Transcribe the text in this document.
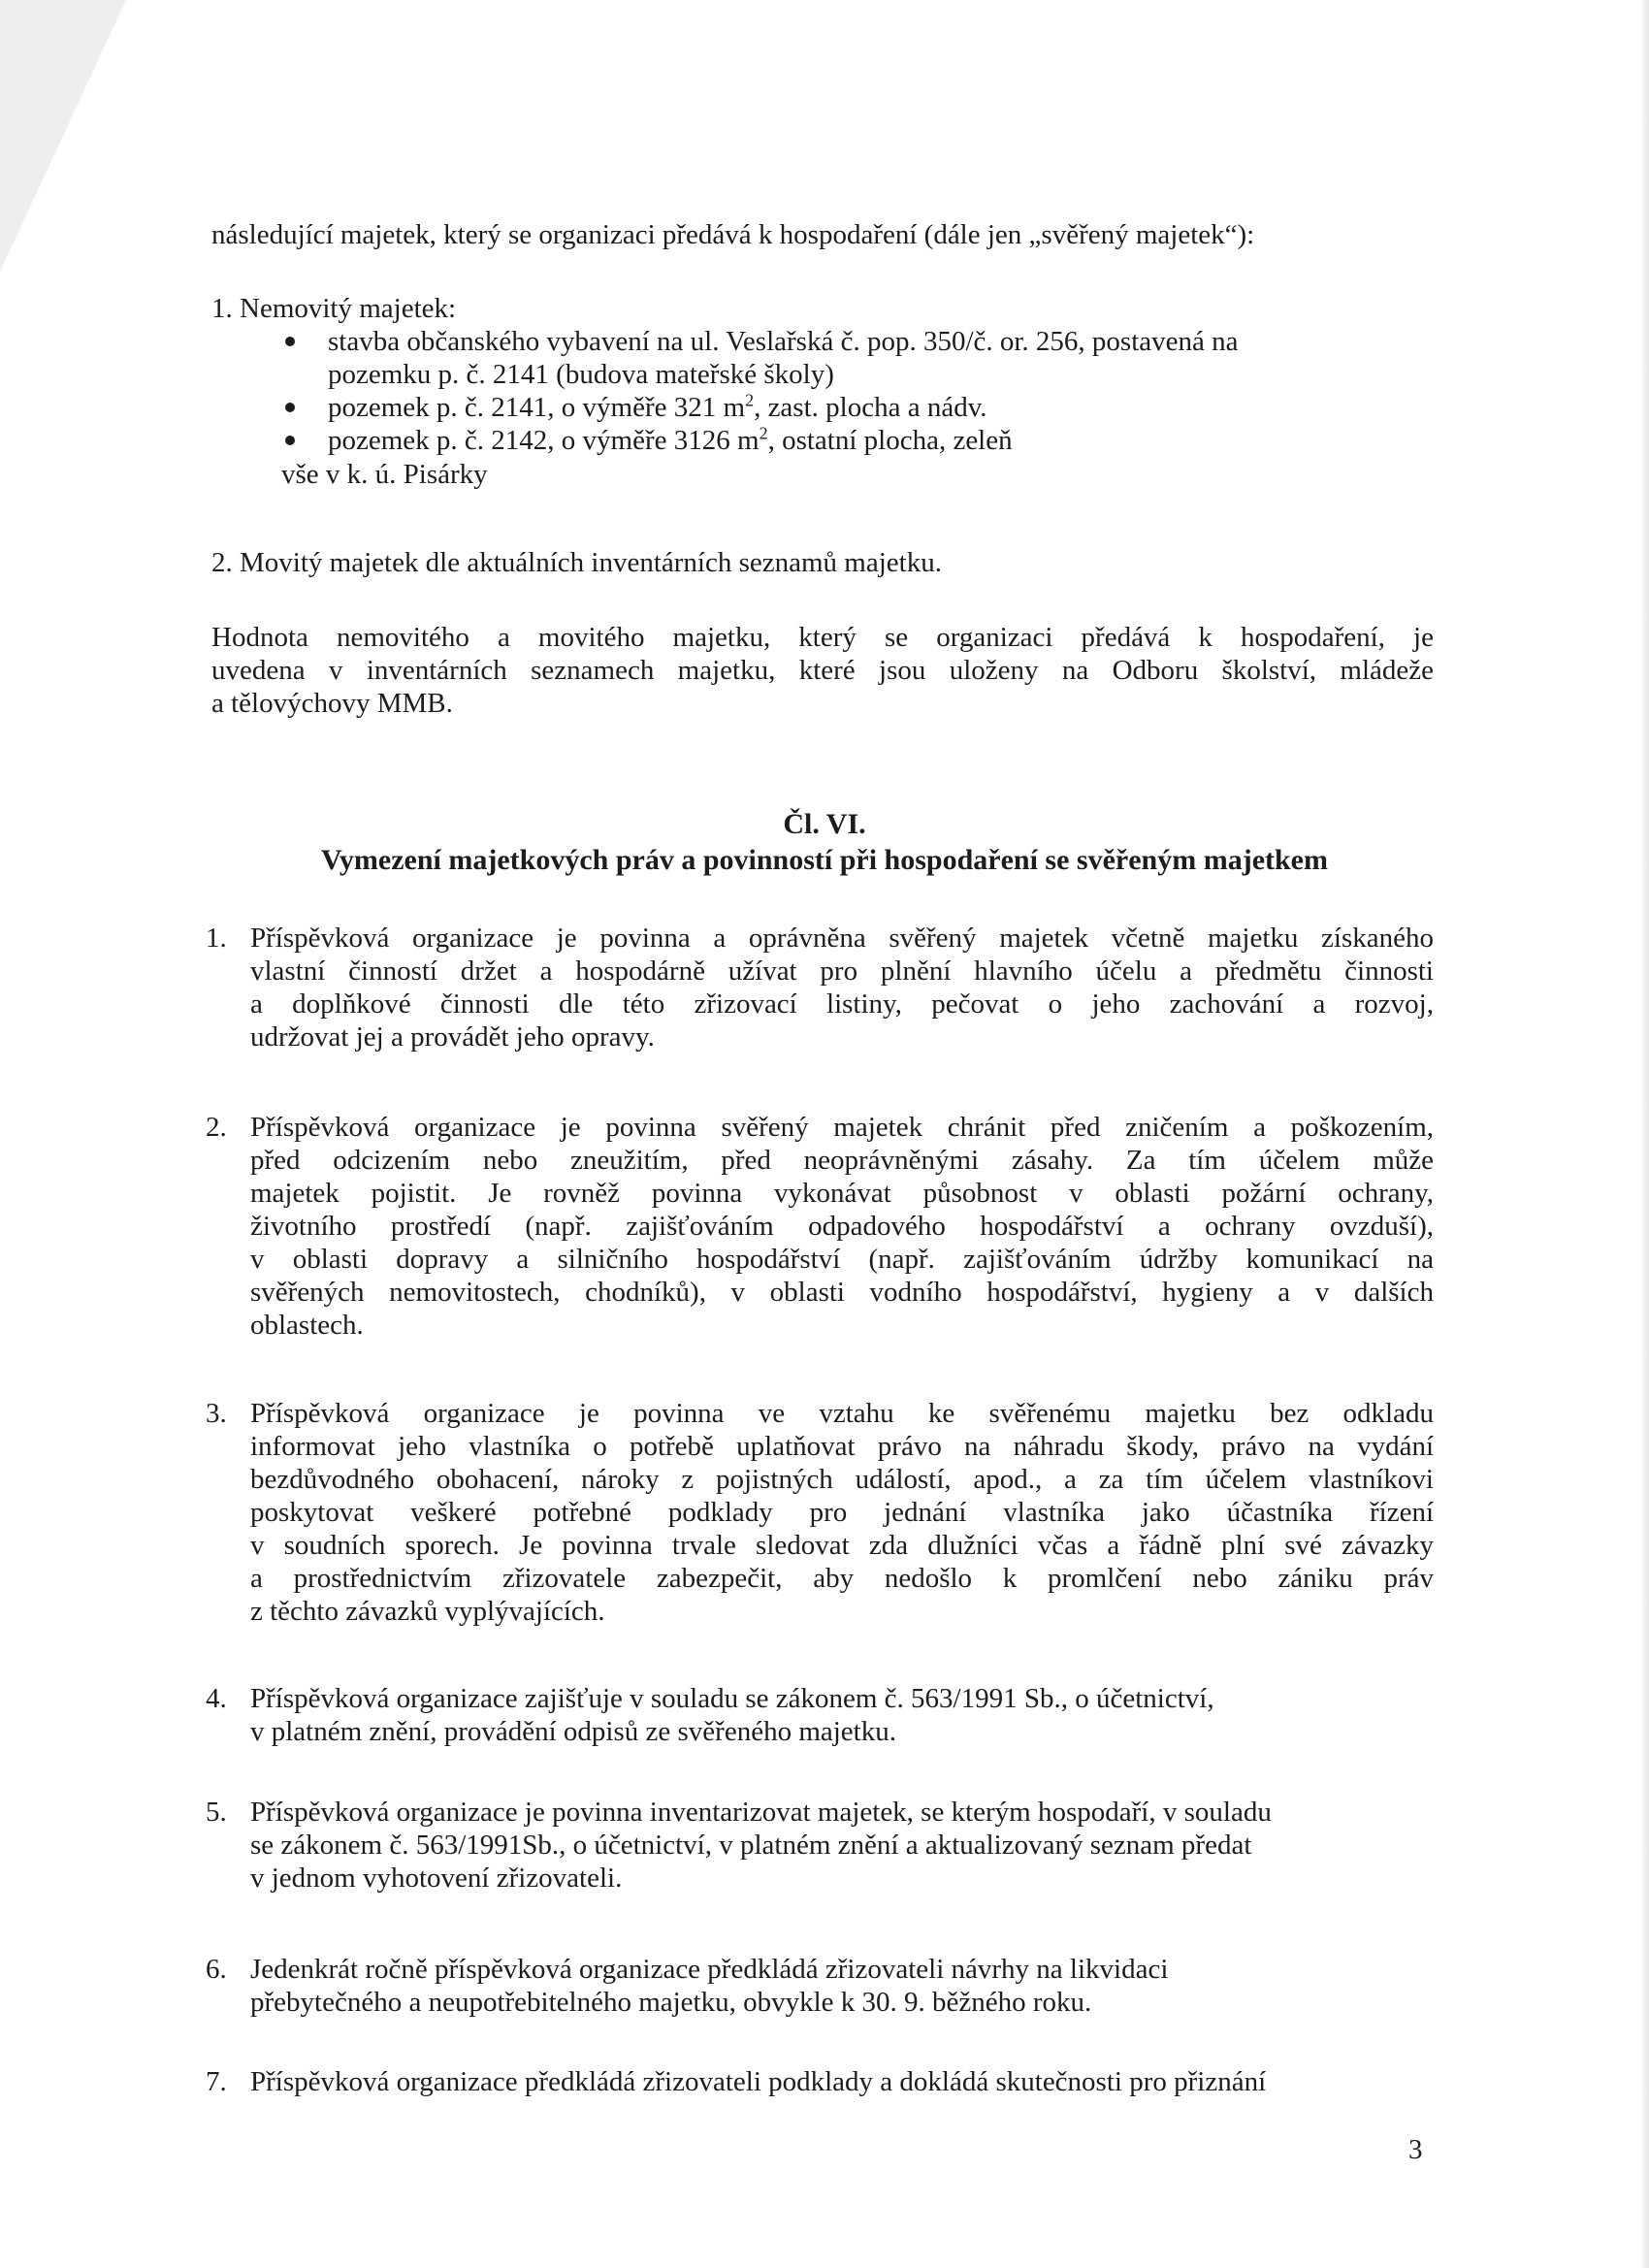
následující majetek, který se organizaci předává k hospodaření (dále jen „svěřený majetek“):

1. Nemovitý majetek:

stavba občanského vybavení na ul. Veslařská č. pop. 350/č. or. 256, postavená na
pozemku p. č. 2141 (budova mateřské školy)
pozemek p. č. 2141, o výměře 321 $m^2$, zast. plocha a nádv.
pozemek p. č. 2142, o výměře 3126 $m^2$, ostatní plocha, zeleň

vše v k. ú. Pisárky

2. Movitý majetek dle aktuálních inventárních seznamů majetku.

Hodnota nemovitého a movitého majetku, který se organizaci předává k hospodaření, je
uvedena v inventárních seznamech majetku, které jsou uloženy na Odboru školství, mládeže
a tělovýchovy MMB.
Čl. VI.
Vymezení majetkových práv a povinností při hospodaření se svěřeným majetkem
1. Příspěvková organizace je povinna a oprávněna svěřený majetek včetně majetku získaného
vlastní činností držet a hospodárně užívat pro plnění hlavního účelu a předmětu činnosti
a doplňkové činnosti dle této zřizovací listiny, pečovat o jeho zachování a rozvoj,
udržovat jej a provádět jeho opravy.
2. Příspěvková organizace je povinna svěřený majetek chránit před zničením a poškozením,
před odcizením nebo zneužitím, před neoprávněnými zásahy. Za tím účelem může
majetek pojistit. Je rovněž povinna vykonávat působnost v oblasti požární ochrany,
životního prostředí (např. zajišťováním odpadového hospodářství a ochrany ovzduší),
v oblasti dopravy a silničního hospodářství (např. zajišťováním údržby komunikací na
svěřených nemovitostech, chodníků), v oblasti vodního hospodářství, hygieny a v dalších
oblastech.
3. Příspěvková organizace je povinna ve vztahu ke svěřenému majetku bez odkladu
informovat jeho vlastníka o potřebě uplatňovat právo na náhradu škody, právo na vydání
bezdůvodného obohacení, nároky z pojistných událostí, apod., a za tím účelem vlastníkovi
poskytovat veškeré potřebné podklady pro jednání vlastníka jako účastníka řízení
v soudních sporech. Je povinna trvale sledovat zda dlužníci včas a řádně plní své závazky
a prostřednictvím zřizovatele zabezpečit, aby nedošlo k promlčení nebo zániku práv
z těchto závazků vyplývajících.
4. Příspěvková organizace zajišťuje v souladu se zákonem č. 563/1991 Sb., o účetnictví,
v platném znění, provádění odpisů ze svěřeného majetku.
5. Příspěvková organizace je povinna inventarizovat majetek, se kterým hospodaří, v souladu
se zákonem č. 563/1991Sb., o účetnictví, v platném znění a aktualizovaný seznam předat
v jednom vyhotovení zřizovateli.
6. Jedenkrát ročně příspěvková organizace předkládá zřizovateli návrhy na likvidaci
přebytečného a neupotřebitelného majetku, obvykle k 30. 9. běžného roku.
7. Příspěvková organizace předkládá zřizovateli podklady a dokládá skutečnosti pro přiznání
3
